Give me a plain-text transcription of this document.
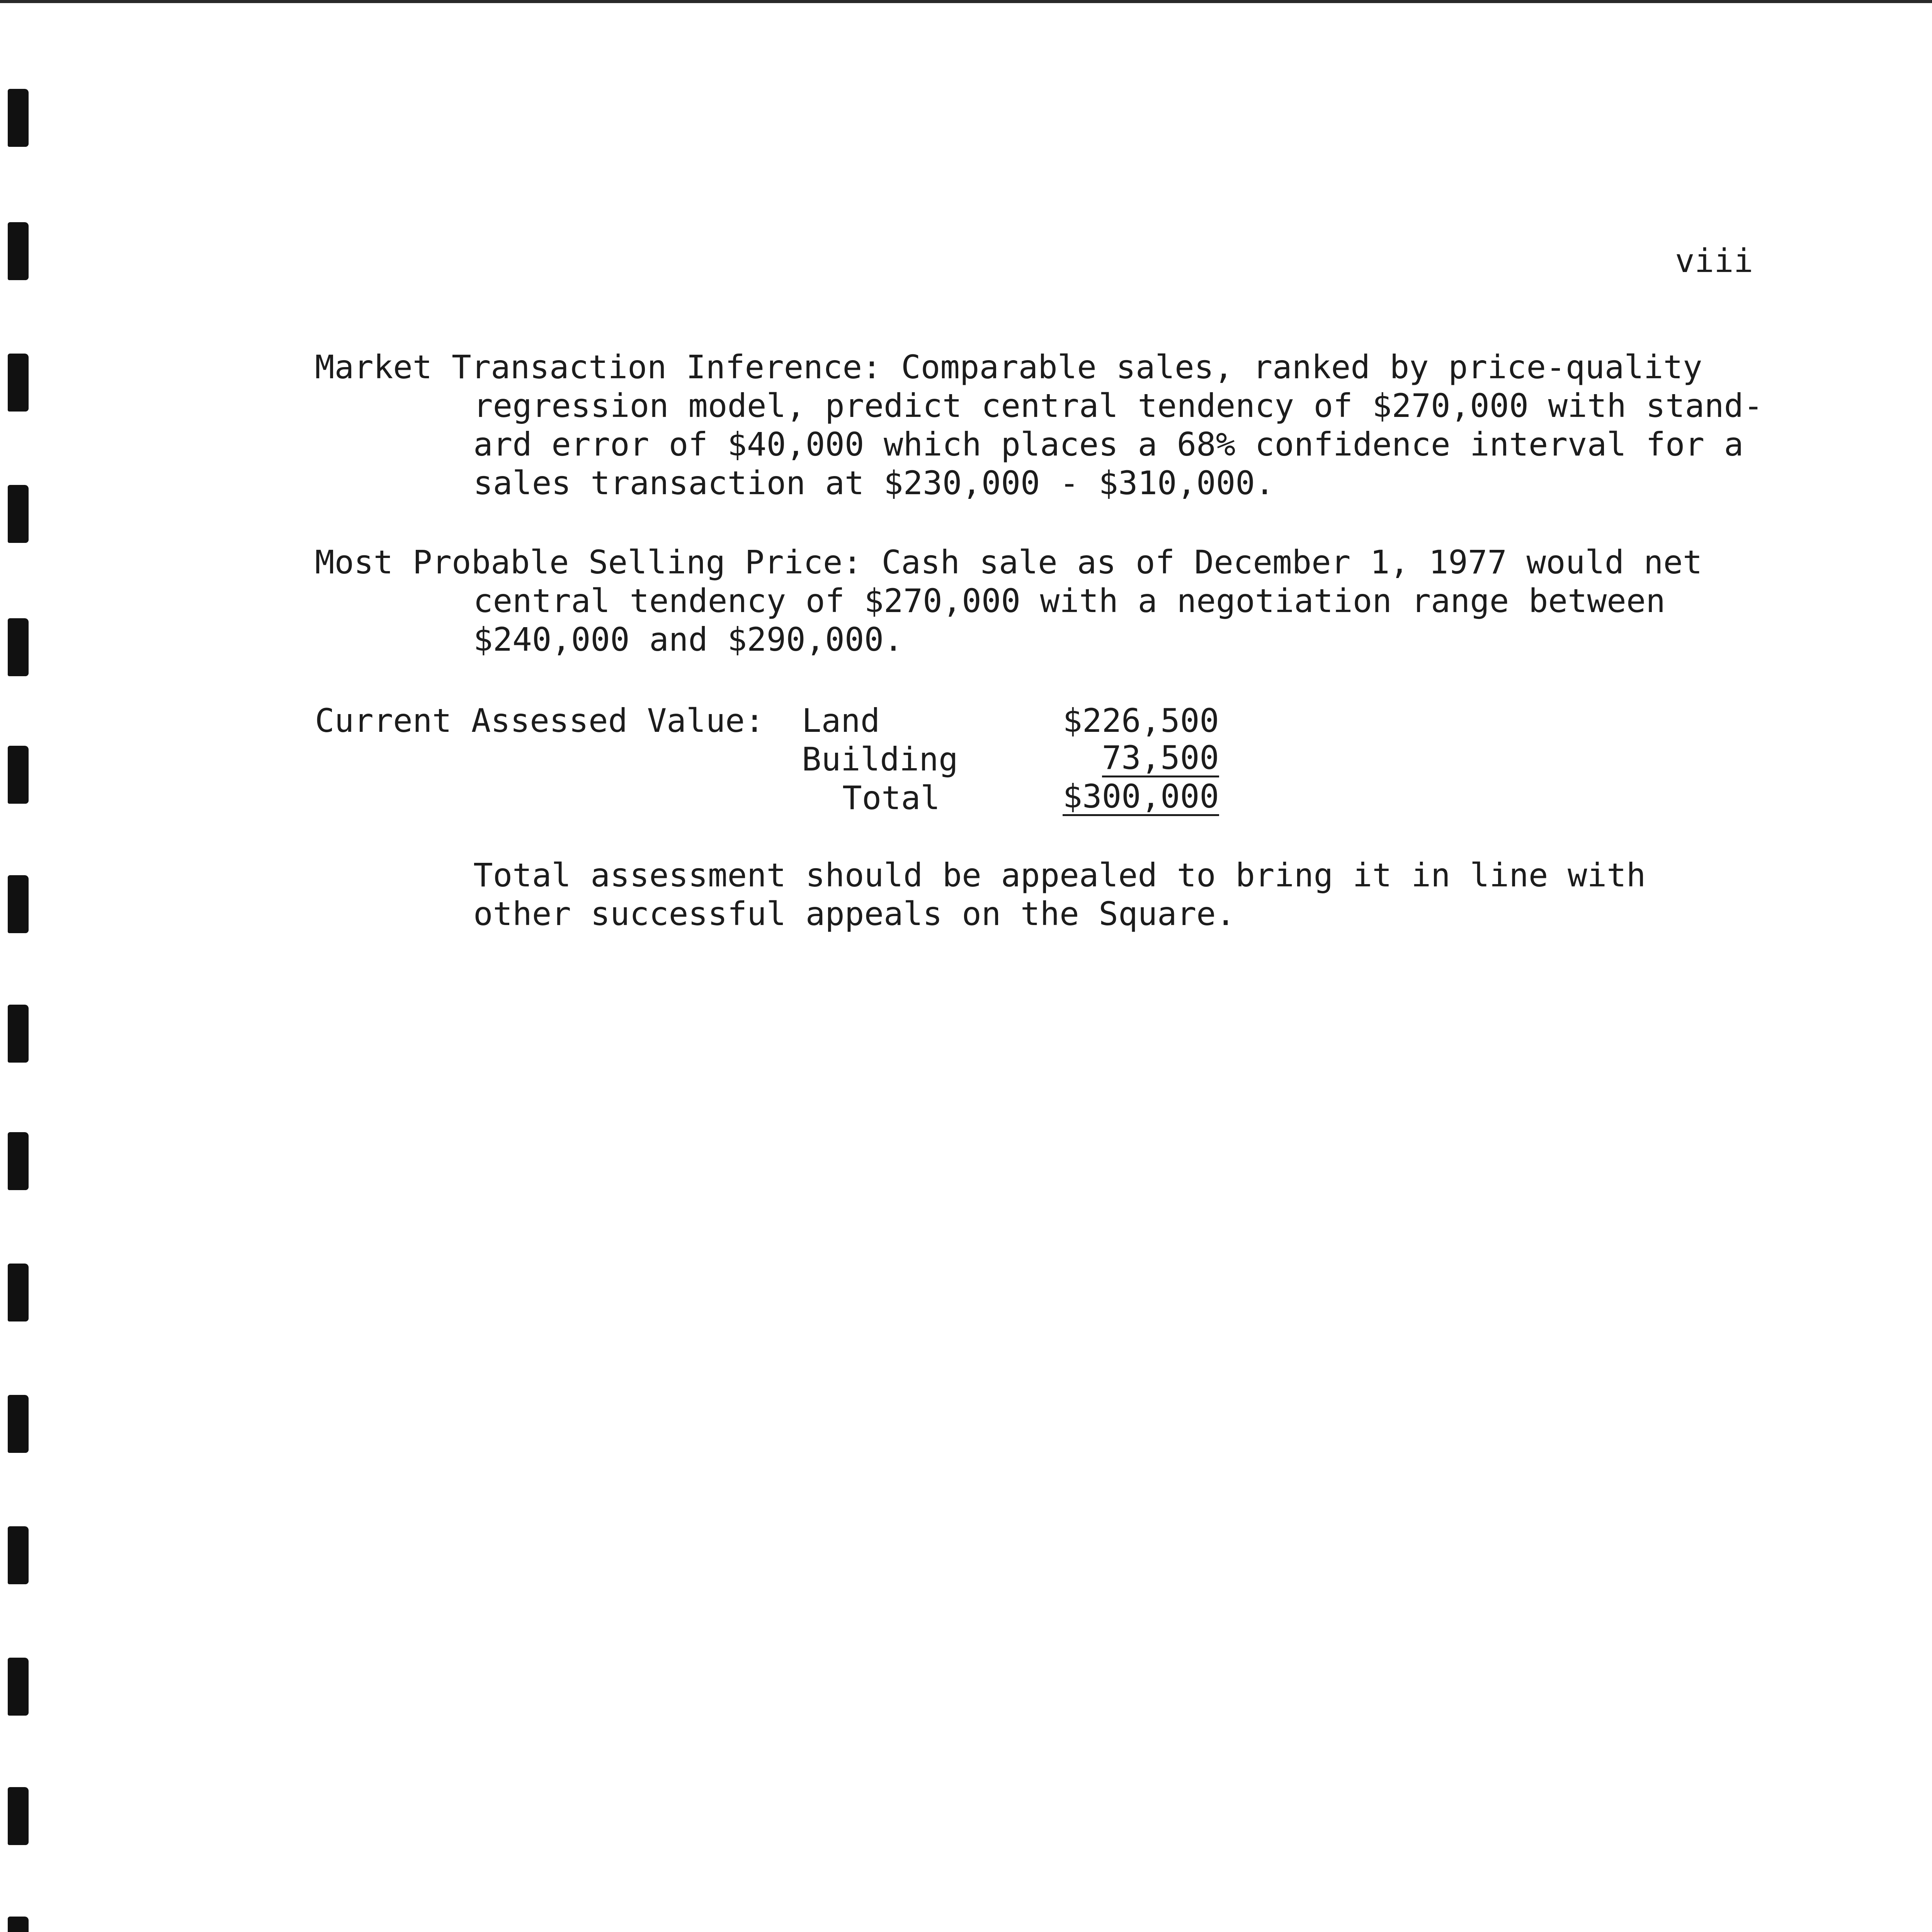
viii
Market Transaction Inference: Comparable sales, ranked by price-quality
regression model, predict central tendency of $270,000 with stand-
ard error of $40,000 which places a 68% confidence interval for a
sales transaction at $230,000 - $310,000.
Most Probable Selling Price: Cash sale as of December 1, 1977 would net
central tendency of $270,000 with a negotiation range between
$240,000 and $290,000.
Current Assessed Value: Land	$226,500
Building	73,500
Total	$300,000
Total assessment should be appealed to bring it in line with
other successful appeals on the Square.
